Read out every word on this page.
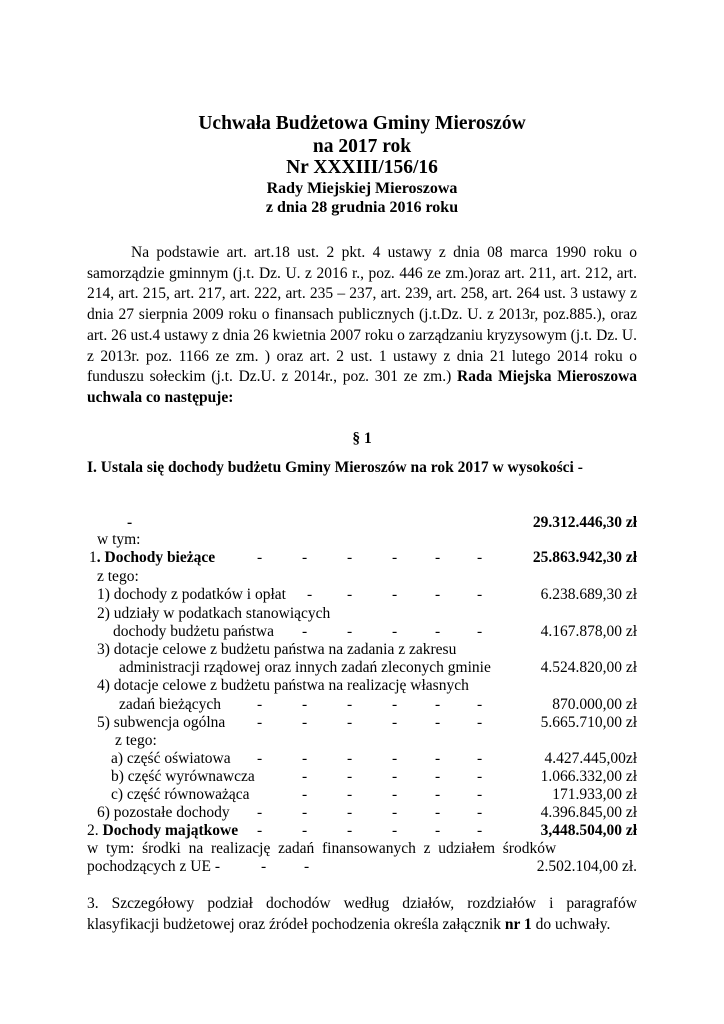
Uchwała Budżetowa Gminy Mieroszów
na 2017 rok
Nr XXXIII/156/16
Rady Miejskiej Mieroszowa
z dnia 28 grudnia 2016 roku

Na podstawie art. art.18 ust. 2 pkt. 4 ustawy z dnia 08 marca 1990 roku o samorządzie gminnym (j.t. Dz. U. z 2016 r., poz. 446 ze zm.)oraz art. 211, art. 212, art. 214, art. 215, art. 217, art. 222, art. 235 – 237, art. 239, art. 258, art. 264 ust. 3 ustawy z dnia 27 sierpnia 2009 roku o finansach publicznych (j.t.Dz. U. z 2013r, poz.885.), oraz art. 26 ust.4 ustawy z dnia 26 kwietnia 2007 roku o zarządzaniu kryzysowym (j.t. Dz. U. z 2013r. poz. 1166 ze zm. ) oraz art. 2 ust. 1 ustawy z dnia 21 lutego 2014 roku o funduszu sołeckim (j.t. Dz.U. z 2014r., poz. 301 ze zm.) Rada Miejska Mieroszowa uchwala co następuje:

§ 1
I. Ustala się dochody budżetu Gminy Mieroszów na rok 2017 w wysokości -
-	29.312.446,30 zł
w tym:
1. Dochody bieżące	-	-	-	- - -	25.863.942,30 zł
z tego:
1) dochody z podatków i opłat - -	- - -	6.238.689,30 zł
2) udziały w podatkach stanowiących
dochody budżetu państwa -	-	- - -	4.167.878,00 zł
3) dotacje celowe z budżetu państwa na zadania z zakresu
administracji rządowej oraz innych zadań zleconych gminie	4.524.820,00 zł
4) dotacje celowe z budżetu państwa na realizację własnych
zadań bieżących -	-	-	- - -	870.000,00 zł
5) subwencja ogólna -	-	-	- - -	5.665.710,00 zł
z tego:
a) część oświatowa -	-	-	- - -	4.427.445,00zł
b) część wyrównawcza	-	-	- - -	1.066.332,00 zł
c) część równoważąca	-	-	- - -	171.933,00 zł
6) pozostałe dochody -	-	-	- - -	4.396.845,00 zł
2. Dochody majątkowe -	-	-	- - -	3,448.504,00 zł
w  tym:  środki  na  realizację  zadań  finansowanych  z  udziałem  środków
pochodzących z UE -	- -	2.502.104,00 zł.
3. Szczegółowy podział dochodów według działów, rozdziałów i paragrafów klasyfikacji budżetowej oraz źródeł pochodzenia określa załącznik nr 1 do uchwały.
